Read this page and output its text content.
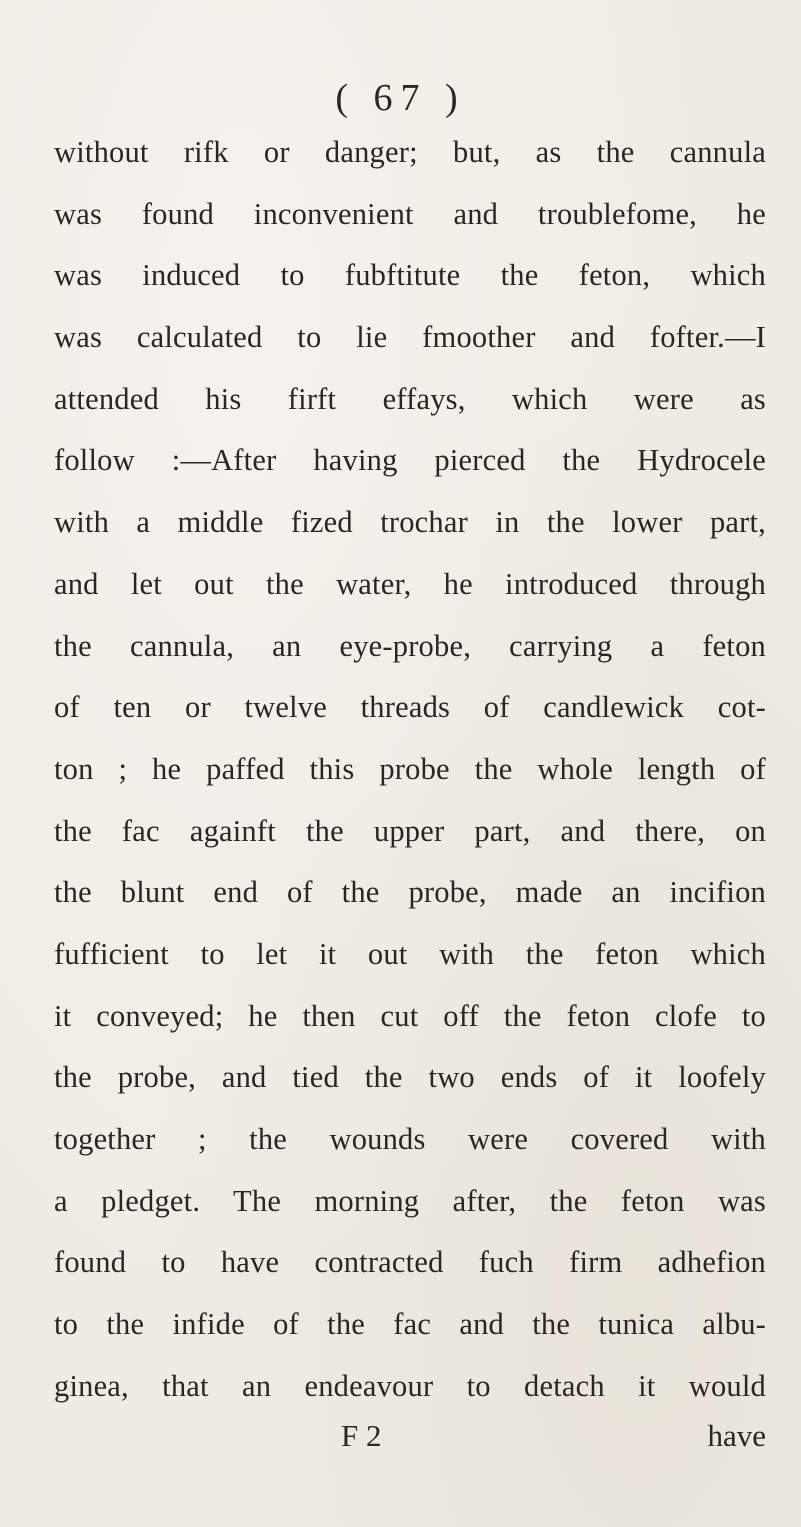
( 67 )
without rifk or danger; but, as the cannula
was found inconvenient and troublefome, he
was induced to fubftitute the feton, which
was calculated to lie fmoother and fofter.—I
attended his firft effays, which were as
follow :—After having pierced the Hydrocele
with a middle fized trochar in the lower part,
and let out the water, he introduced through
the cannula, an eye-probe, carrying a feton
of ten or twelve threads of candlewick cot-
ton ; he paffed this probe the whole length of
the fac againft the upper part, and there, on
the blunt end of the probe, made an incifion
fufficient to let it out with the feton which
it conveyed; he then cut off the feton clofe to
the probe, and tied the two ends of it loofely
together ; the wounds were covered with
a pledget. The morning after, the feton was
found to have contracted fuch firm adhefion
to the infide of the fac and the tunica albu-
ginea, that an endeavour to detach it would
F 2	have
